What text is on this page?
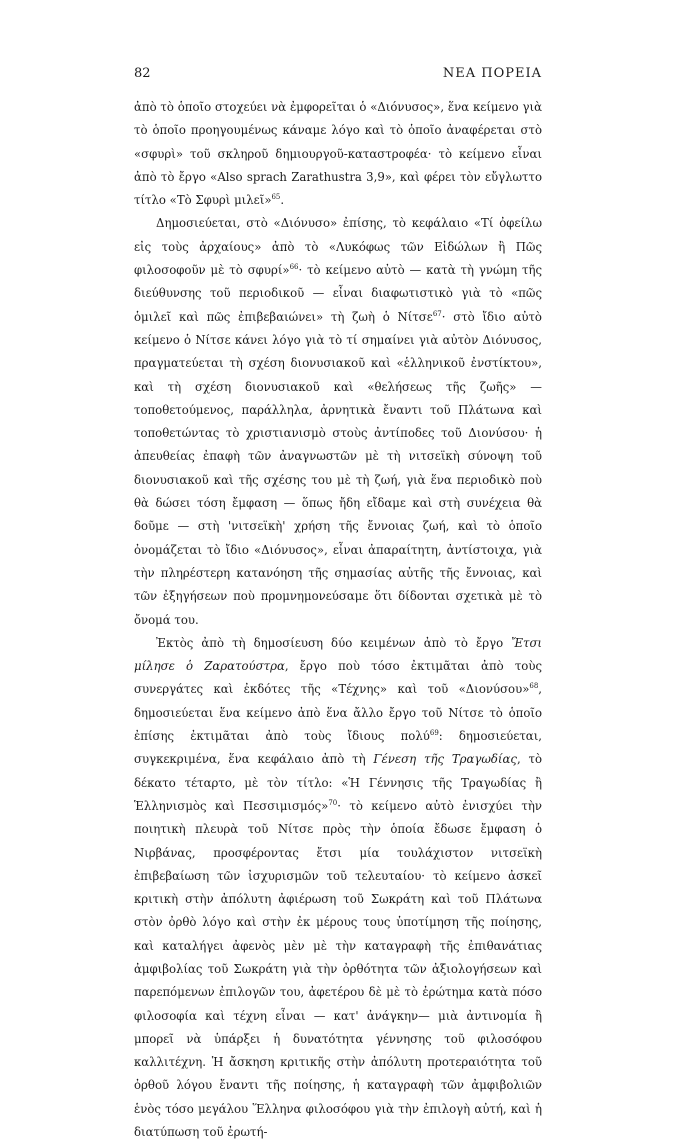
82	ΝΕΑ ΠΟΡΕΙΑ

ἀπὸ τὸ ὁποῖο στοχεύει νὰ ἐμφορεῖται ὁ «Διόνυσος», ἕνα κείμενο γιὰ τὸ ὁποῖο προηγουμένως κάναμε λόγο καὶ τὸ ὁποῖο ἀναφέρεται στὸ «σφυρὶ» τοῦ σκληροῦ δημιουργοῦ-καταστροφέα· τὸ κείμενο εἶναι ἀπὸ τὸ ἔργο «Also sprach Zarathustra 3,9», καὶ φέρει τὸν εὔγλωττο τίτλο «Τὸ Σφυρὶ μιλεῖ»$^{65}$.

Δημοσιεύεται, στὸ «Διόνυσο» ἐπίσης, τὸ κεφάλαιο «Τί ὀφείλω εἰς τοὺς ἀρχαίους» ἀπὸ τὸ «Λυκόφως τῶν Εἰδώλων ἢ Πῶς φιλοσοφοῦν μὲ τὸ σφυρί»$^{66}$· τὸ κείμενο αὐτὸ — κατὰ τὴ γνώμη τῆς διεύθυνσης τοῦ περιοδικοῦ — εἶναι διαφωτιστικὸ γιὰ τὸ «πῶς ὁμιλεῖ καὶ πῶς ἐπιβεβαιώνει» τὴ ζωὴ ὁ Νίτσε$^{67}$· στὸ ἴδιο αὐτὸ κείμενο ὁ Νίτσε κάνει λόγο γιὰ τὸ τί σημαίνει γιὰ αὐτὸν Διόνυσος, πραγματεύεται τὴ σχέση διονυσιακοῦ καὶ «ἑλληνικοῦ ἐνστίκτου», καὶ τὴ σχέση διονυσιακοῦ καὶ «θελήσεως τῆς ζωῆς» — τοποθετούμενος, παράλληλα, ἀρνητικὰ ἔναντι τοῦ Πλάτωνα καὶ τοποθετώντας τὸ χριστιανισμὸ στοὺς ἀντίποδες τοῦ Διονύσου· ἡ ἀπευθείας ἐπαφὴ τῶν ἀναγνωστῶν μὲ τὴ νιτσεϊκὴ σύνοψη τοῦ διονυσιακοῦ καὶ τῆς σχέσης του μὲ τὴ ζωή, γιὰ ἕνα περιοδικὸ ποὺ θὰ δώσει τόση ἔμφαση — ὅπως ἤδη εἴδαμε καὶ στὴ συνέχεια θὰ δοῦμε — στὴ 'νιτσεϊκὴ' χρήση τῆς ἔννοιας ζωή, καὶ τὸ ὁποῖο ὀνομάζεται τὸ ἴδιο «Διόνυσος», εἶναι ἀπαραίτητη, ἀντίστοιχα, γιὰ τὴν πληρέστερη κατανόηση τῆς σημασίας αὐτῆς τῆς ἔννοιας, καὶ τῶν ἐξηγήσεων ποὺ προμνημονεύσαμε ὅτι δίδονται σχετικὰ μὲ τὸ ὄνομά του.

Ἐκτὸς ἀπὸ τὴ δημοσίευση δύο κειμένων ἀπὸ τὸ ἔργο Ἔτσι μίλησε ὁ Ζαρατούστρα, ἔργο ποὺ τόσο ἐκτιμᾶται ἀπὸ τοὺς συνεργάτες καὶ ἐκδότες τῆς «Τέχνης» καὶ τοῦ «Διονύσου»$^{68}$, δημοσιεύεται ἕνα κείμενο ἀπὸ ἕνα ἄλλο ἔργο τοῦ Νίτσε τὸ ὁποῖο ἐπίσης ἐκτιμᾶται ἀπὸ τοὺς ἴδιους πολύ$^{69}$: δημοσιεύεται, συγκεκριμένα, ἕνα κεφάλαιο ἀπὸ τὴ Γένεση τῆς Τραγωδίας, τὸ δέκατο τέταρτο, μὲ τὸν τίτλο: «Ἡ Γέννησις τῆς Τραγωδίας ἢ Ἑλληνισμὸς καὶ Πεσσιμισμός»$^{70}$· τὸ κείμενο αὐτὸ ἐνισχύει τὴν ποιητικὴ πλευρὰ τοῦ Νίτσε πρὸς τὴν ὁποία ἔδωσε ἔμφαση ὁ Νιρβάνας, προσφέροντας ἔτσι μία τουλάχιστον νιτσεϊκὴ ἐπιβεβαίωση τῶν ἰσχυρισμῶν τοῦ τελευταίου· τὸ κείμενο ἀσκεῖ κριτικὴ στὴν ἀπόλυτη ἀφιέρωση τοῦ Σωκράτη καὶ τοῦ Πλάτωνα στὸν ὀρθὸ λόγο καὶ στὴν ἐκ μέρους τους ὑποτίμηση τῆς ποίησης, καὶ καταλήγει ἀφενὸς μὲν μὲ τὴν καταγραφὴ τῆς ἐπιθανάτιας ἀμφιβολίας τοῦ Σωκράτη γιὰ τὴν ὀρθότητα τῶν ἀξιολογήσεων καὶ παρεπόμενων ἐπιλογῶν του, ἀφετέρου δὲ μὲ τὸ ἐρώτημα κατὰ πόσο φιλοσοφία καὶ τέχνη εἶναι — κατ' ἀνάγκην— μιὰ ἀντινομία ἢ μπορεῖ νὰ ὑπάρξει ἡ δυνατότητα γέννησης τοῦ φιλοσόφου καλλιτέχνη. Ἡ ἄσκηση κριτικῆς στὴν ἀπόλυτη προτεραιότητα τοῦ ὀρθοῦ λόγου ἔναντι τῆς ποίησης, ἡ καταγραφὴ τῶν ἀμφιβολιῶν ἑνὸς τόσο μεγάλου Ἕλληνα φιλοσόφου γιὰ τὴν ἐπιλογὴ αὐτή, καὶ ἡ διατύπωση τοῦ ἐρωτή-
